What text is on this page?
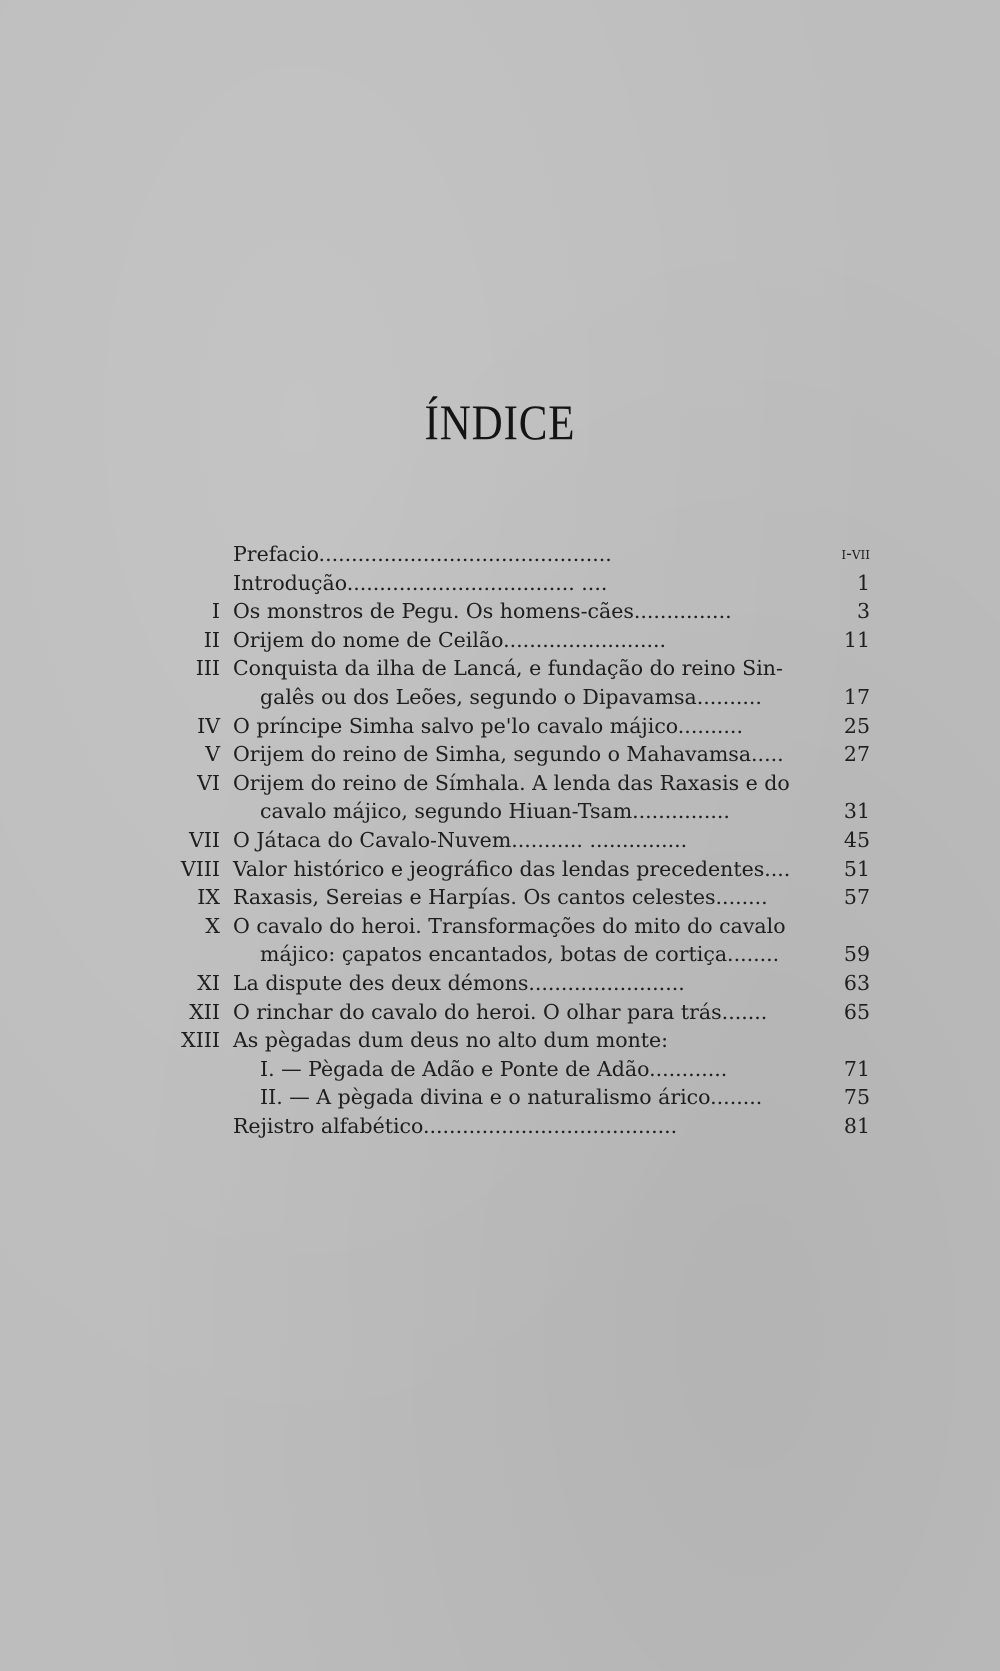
ÍNDICE
Prefacio.............................................	i-vii
Introdução................................... ....	1
I Os monstros de Pegu. Os homens-cães...............	3
II Orijem do nome de Ceilão.........................	11
III Conquista da ilha de Lancá, e fundação do reino Sin-
galês ou dos Leões, segundo o Dipavamsa..........	17
IV O príncipe Simha salvo pe'lo cavalo májico..........	25
V Orijem do reino de Simha, segundo o Mahavamsa.....	27
VI Orijem do reino de Símhala. A lenda das Raxasis e do
cavalo májico, segundo Hiuan-Tsam...............	31
VII O Játaca do Cavalo-Nuvem........... ...............	45
VIII Valor histórico e jeográfico das lendas precedentes....	51
IX Raxasis, Sereias e Harpías. Os cantos celestes........	57
X O cavalo do heroi. Transformações do mito do cavalo
májico: çapatos encantados, botas de cortiça........	59
XI La dispute des deux démons........................	63
XII O rinchar do cavalo do heroi. O olhar para trás.......	65
XIII As pègadas dum deus no alto dum monte:
I. — Pègada de Adão e Ponte de Adão............	71
II. — A pègada divina e o naturalismo árico........	75
Rejistro alfabético.......................................	81
